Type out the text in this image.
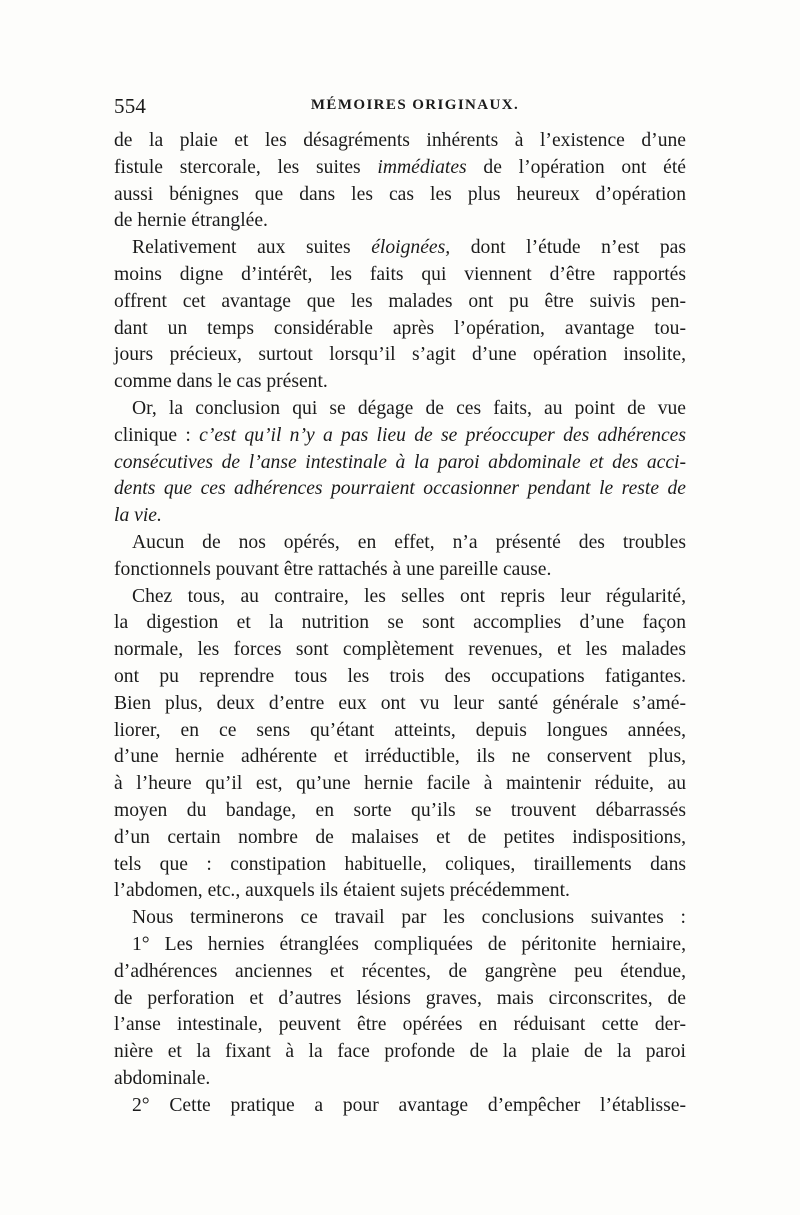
554	MÉMOIRES ORIGINAUX.
de la plaie et les désagréments inhérents à l’existence d’une
fistule stercorale, les suites immédiates de l’opération ont été
aussi bénignes que dans les cas les plus heureux d’opération
de hernie étranglée.
Relativement aux suites éloignées, dont l’étude n’est pas
moins digne d’intérêt, les faits qui viennent d’être rapportés
offrent cet avantage que les malades ont pu être suivis pen-
dant un temps considérable après l’opération, avantage tou-
jours précieux, surtout lorsqu’il s’agit d’une opération insolite,
comme dans le cas présent.
Or, la conclusion qui se dégage de ces faits, au point de vue
clinique : c’est qu’il n’y a pas lieu de se préoccuper des adhérences
consécutives de l’anse intestinale à la paroi abdominale et des acci-
dents que ces adhérences pourraient occasionner pendant le reste de
la vie.
Aucun de nos opérés, en effet, n’a présenté des troubles
fonctionnels pouvant être rattachés à une pareille cause.
Chez tous, au contraire, les selles ont repris leur régularité,
la digestion et la nutrition se sont accomplies d’une façon
normale, les forces sont complètement revenues, et les malades
ont pu reprendre tous les trois des occupations fatigantes.
Bien plus, deux d’entre eux ont vu leur santé générale s’amé-
liorer, en ce sens qu’étant atteints, depuis longues années,
d’une hernie adhérente et irréductible, ils ne conservent plus,
à l’heure qu’il est, qu’une hernie facile à maintenir réduite, au
moyen du bandage, en sorte qu’ils se trouvent débarrassés
d’un certain nombre de malaises et de petites indispositions,
tels que : constipation habituelle, coliques, tiraillements dans
l’abdomen, etc., auxquels ils étaient sujets précédemment.
Nous terminerons ce travail par les conclusions suivantes :
1° Les hernies étranglées compliquées de péritonite herniaire,
d’adhérences anciennes et récentes, de gangrène peu étendue,
de perforation et d’autres lésions graves, mais circonscrites, de
l’anse intestinale, peuvent être opérées en réduisant cette der-
nière et la fixant à la face profonde de la plaie de la paroi
abdominale.
2° Cette pratique a pour avantage d’empêcher l’établisse-
